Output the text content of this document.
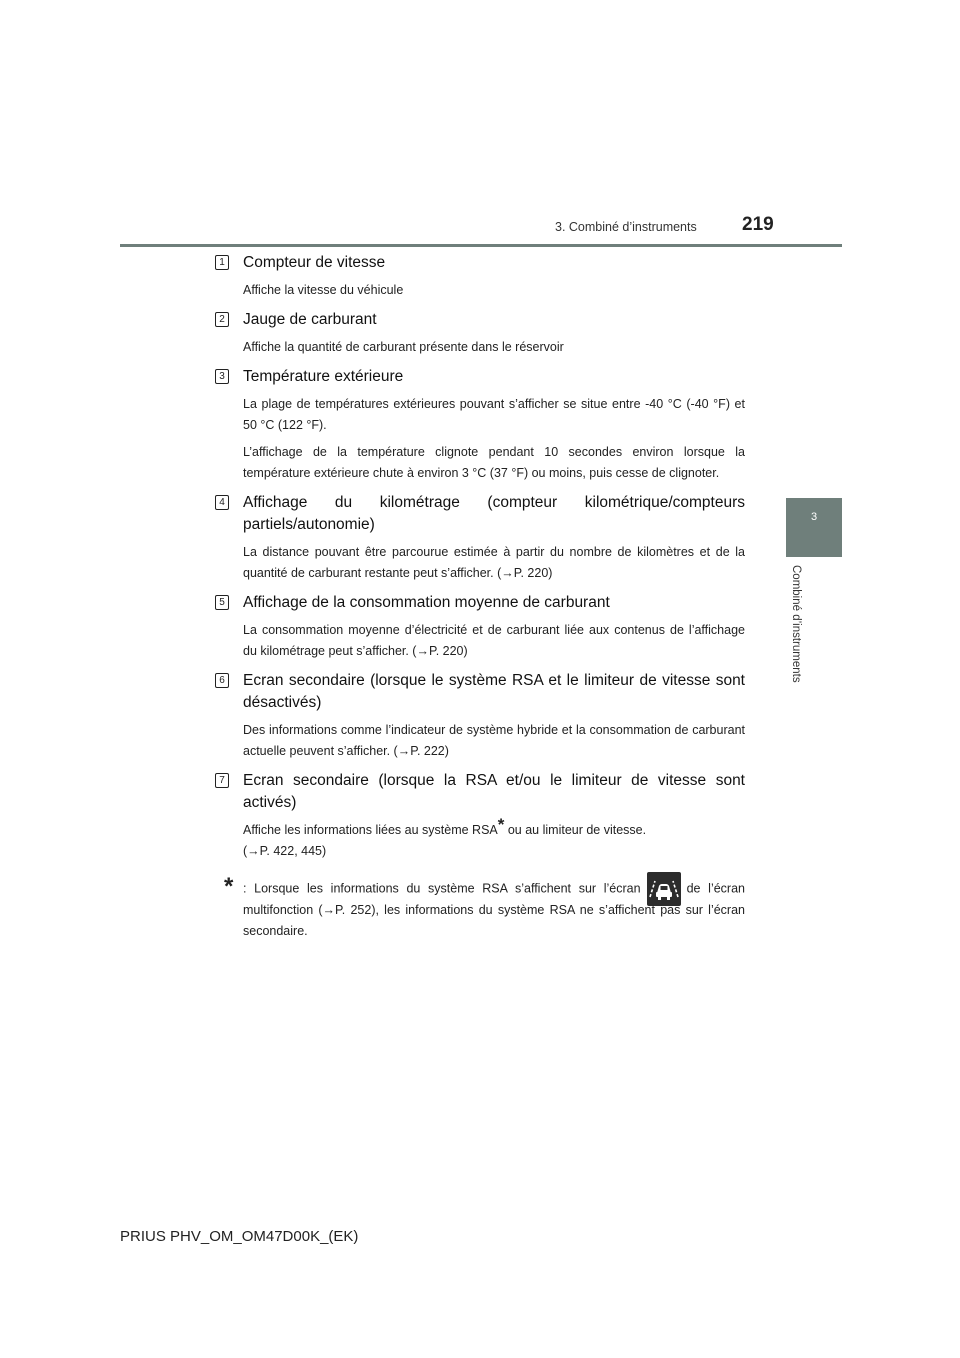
3. Combiné d’instruments 219
3
Combiné d’instruments
1 Compteur de vitesse

Affiche la vitesse du véhicule

2 Jauge de carburant

Affiche la quantité de carburant présente dans le réservoir

3 Température extérieure

La plage de températures extérieures pouvant s’afficher se situe entre -40 °C (-40 °F) et 50 °C (122 °F).

L’affichage de la température clignote pendant 10 secondes environ lorsque la température extérieure chute à environ 3 °C (37 °F) ou moins, puis cesse de clignoter.

4 Affichage du kilométrage (compteur kilométrique/compteurs partiels/autonomie)

La distance pouvant être parcourue estimée à partir du nombre de kilomètres et de la quantité de carburant restante peut s’afficher. (→P. 220)

5 Affichage de la consommation moyenne de carburant

La consommation moyenne d’électricité et de carburant liée aux contenus de l’affichage du kilométrage peut s’afficher. (→P. 220)

6 Ecran secondaire (lorsque le système RSA et le limiteur de vitesse sont désactivés)

Des informations comme l’indicateur de système hybride et la consommation de carburant actuelle peuvent s’afficher. (→P. 222)

7 Ecran secondaire (lorsque la RSA et/ou le limiteur de vitesse sont activés)

Affiche les informations liées au système RSA* ou au limiteur de vitesse.
(→P. 422, 445)

* : Lorsque les informations du système RSA s’affichent sur l’écran	de l’écran multifonction (→P. 252), les informations du système RSA ne s’affichent pas sur l’écran secondaire.
PRIUS PHV_OM_OM47D00K_(EK)
